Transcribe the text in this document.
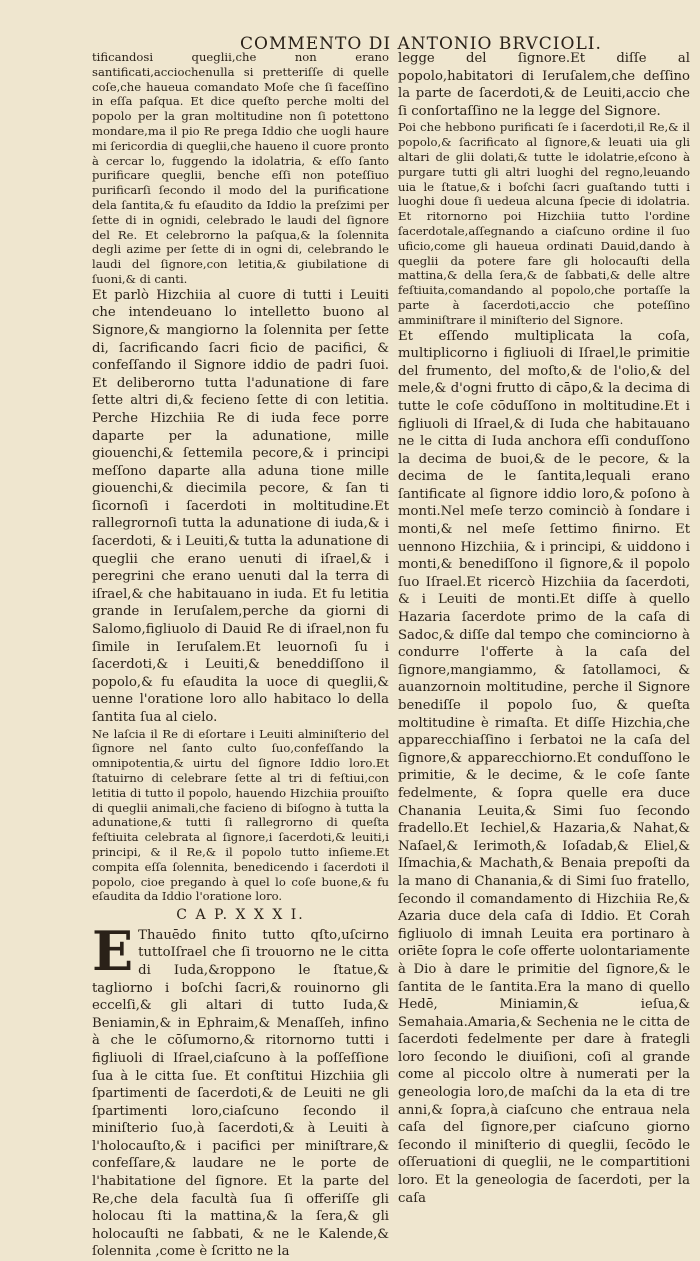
COMMENTO DI ANTONIO BRVCIOLI.

tificandosi queglii,che non erano santificati,acciochenulla si pretteriſſe di quelle coſe,che haueua comandato Moſe che ſi faceſſino in eſſa paſqua. Et dice queſto perche molti del popolo per la gran moltitudine non ſi potettono mondare,ma il pio Re prega Iddio che uogli haure mi ſericordia di queglii,che haueno il cuore pronto à cercar lo, fuggendo la idolatria, & eſſo ſanto purificare queglii, benche eſſi non poteſſiuo purificarſi ſecondo il modo del la purificatione dela ſantita,& fu eſaudito da Iddio la preſzimi per ſette di in ognidi, celebrado le laudi del ſignore del Re. Et celebrorno la paſqua,& la ſolennita degli azime per ſette di in ogni di, celebrando le laudi del ſignore,con letitia,& giubilatione di ſuoni,& di canti.

Et parlò Hizchiia al cuore di tutti i Leuiti che intendeuano lo intelletto buono al Signore,& mangiorno la ſolennita per ſette di, ſacrificando ſacri ficio de pacifici, & confeſſando il Signore iddio de padri ſuoi. Et deliberorno tutta l'adunatione di fare ſette altri di,& fecieno ſette di con letitia. Perche Hizchiia Re di iuda fece porre daparte per la adunatione, mille giouenchi,& ſettemila pecore,& i principi meſſono daparte alla aduna tione mille giouenchi,& diecimila pecore, & ſan ti ſicornoſi i ſacerdoti in moltitudine.Et rallegrornoſi tutta la adunatione di iuda,& i ſacerdoti, & i Leuiti,& tutta la adunatione di queglii che erano uenuti di iſrael,& i peregrini che erano uenuti dal la terra di iſrael,& che habitauano in iuda. Et fu letitia grande in Ieruſalem,perche da giorni di Salomo,figliuolo di Dauid Re di iſrael,non fu ſimile in Ieruſalem.Et leuornoſi ſu i ſacerdoti,& i Leuiti,& beneddiſſono il popolo,& fu eſaudita la uoce di queglii,& uenne l'oratione loro allo habitaco lo della ſantita ſua al cielo.

Ne laſcia il Re di eſortare i Leuiti alminiſterio del ſignore nel ſanto culto ſuo,confeſſando la omnipotentia,& uirtu del ſignore Iddio loro.Et ſtatuirno di celebrare ſette al tri di feſtiui,con letitia di tutto il popolo, hauendo Hizchiia prouiſto di queglii animali,che facieno di biſogno à tutta la adunatione,& tutti ſi rallegrorno di queſta feſtiuita celebrata al ſignore,i ſacerdoti,& leuiti,i principi, & il Re,& il popolo tutto inſieme.Et compita eſſa ſolennita, benedicendo i ſacerdoti il popolo, cioe pregando à quel lo coſe buone,& fu eſaudita da Iddio l'oratione loro.

C A P. X X X I.

E Thauēdo finito tutto qſto,uſcirno tuttoIſrael che ſi trouorno ne le citta di Iuda,&roppono le ſtatue,& tagliorno i boſchi ſacri,& rouinorno gli eccelſi,& gli altari di tutto Iuda,& Beniamin,& in Ephraim,& Menaſſeh, infino à che le cōſumorno,& ritornorno tutti i figliuoli di Iſrael,ciaſcuno à la poſſeſſione ſua à le citta ſue. Et conſtitui Hizchiia gli ſpartimenti de ſacerdoti,& de Leuiti ne gli ſpartimenti loro,ciaſcuno ſecondo il miniſterio ſuo,à ſacerdoti,& à Leuiti à l'holocauſto,& i pacifici per miniſtrare,& confeſſare,& laudare ne le porte de l'habitatione del ſignore. Et la parte del Re,che dela facultà ſua ſi offeriſſe gli holocau ſti la mattina,& la ſera,& gli holocauſti ne ſabbati, & ne le Kalende,& ſolennita ,come è ſcritto ne la

legge del ſignore.Et diſſe al popolo,habitatori di Ieruſalem,che deſſino la parte de ſacerdoti,& de Leuiti,accio che ſi conſortaſſino ne la legge del Signore.

Poi che hebbono purificati ſe i ſacerdoti,il Re,& il popolo,& ſacrificato al ſignore,& leuati uia gli altari de glii dolati,& tutte le idolatrie,eſcono à purgare tutti gli altri luoghi del regno,leuando uia le ſtatue,& i boſchi ſacri guaſtando tutti i luoghi doue ſi uedeua alcuna ſpecie di idolatria. Et ritornorno poi Hizchiia tutto l'ordine ſacerdotale,aſſegnando a ciaſcuno ordine il ſuo uficio,come gli haueua ordinati Dauid,dando à queglii da potere fare gli holocauſti della mattina,& della ſera,& de ſabbati,& delle altre feſtiuita,comandando al popolo,che portaſſe la parte à ſacerdoti,accio che poteſſino amminiſtrare il miniſterio del Signore.

Et eſſendo multiplicata la coſa, multiplicorno i figliuoli di Iſrael,le primitie del frumento, del moſto,& de l'olio,& del mele,& d'ogni frutto di cāpo,& la decima di tutte le coſe cōduſſono in moltitudine.Et i figliuoli di Iſrael,& di Iuda che habitauano ne le citta di Iuda anchora eſſi conduſſono la decima de buoi,& de le pecore, & la decima de le ſantita,lequali erano ſantificate al ſignore iddio loro,& poſono à monti.Nel meſe terzo cominciò à ſondare i monti,& nel meſe ſettimo finirno. Et uennono Hizchiia, & i principi, & uiddono i monti,& benediſſono il ſignore,& il popolo ſuo Iſrael.Et ricercò Hizchiia da ſacerdoti, & i Leuiti de monti.Et diſſe à quello Hazaria ſacerdote primo de la caſa di Sadoc,& diſſe dal tempo che cominciorno à condurre l'offerte à la caſa del ſignore,mangiammo, & ſatollamoci, & auanzornoin moltitudine, perche il Signore benediſſe il popolo ſuo, & queſta moltitudine è rimaſta. Et diſſe Hizchia,che apparecchiaſſino i ſerbatoi ne la caſa del ſignore,& apparecchiorno.Et conduſſono le primitie, & le decime, & le coſe ſante fedelmente, & ſopra quelle era duce Chanania Leuita,& Simi ſuo ſecondo fradello.Et Iechiel,& Hazaria,& Nahat,& Naſael,& Ierimoth,& Ioſadab,& Eliel,& Iſmachia,& Machath,& Benaia prepoſti da la mano di Chanania,& di Simi ſuo fratello, ſecondo il comandamento di Hizchiia Re,& Azaria duce dela caſa di Iddio. Et Corah figliuolo di imnah Leuita era portinaro à oriēte ſopra le coſe offerte uolontariamente à Dio à dare le primitie del ſignore,& le ſantita de le ſantita.Era la mano di quello Hedē, Miniamin,& ieſua,& Semahaia.Amaria,& Sechenia ne le citta de ſacerdoti fedelmente per dare à frategli loro ſecondo le diuiſioni, coſi al grande come al piccolo oltre à numerati per la geneologia loro,de maſchi da la eta di tre anni,& ſopra,à ciaſcuno che entraua nela caſa del ſignore,per ciaſcuno giorno ſecondo il miniſterio di queglii, ſecōdo le oſſeruationi di queglii, ne le compartitioni loro. Et la geneologia de ſacerdoti, per la caſa
